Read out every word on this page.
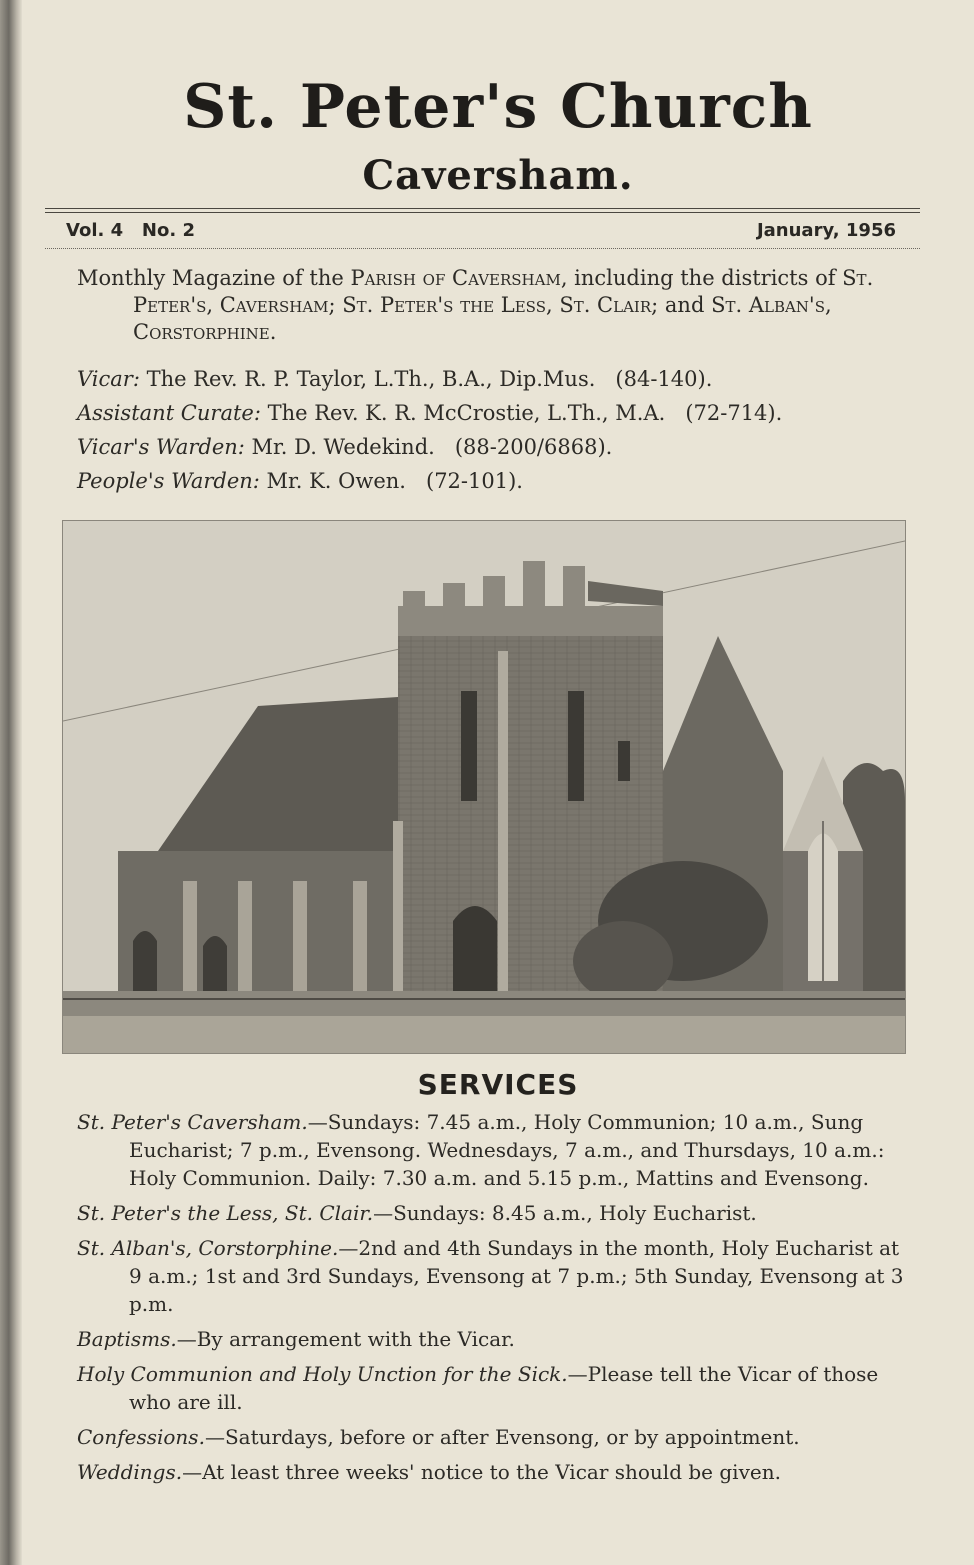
St. Peter's Church
Caversham.
Vol. 4   No. 2	January, 1956

Monthly Magazine of the Parish of Caversham, including the districts of St. Peter's, Caversham; St. Peter's the Less, St. Clair; and St. Alban's, Corstorphine.

Vicar: The Rev. R. P. Taylor, L.Th., B.A., Dip.Mus.   (84-140).
Assistant Curate: The Rev. K. R. McCrostie, L.Th., M.A.   (72-714).
Vicar's Warden: Mr. D. Wedekind.   (88-200/6868).
People's Warden: Mr. K. Owen.   (72-101).
SERVICES

St. Peter's Caversham.—Sundays: 7.45 a.m., Holy Communion; 10 a.m., Sung Eucharist; 7 p.m., Evensong. Wednesdays, 7 a.m., and Thursdays, 10 a.m.: Holy Communion. Daily: 7.30 a.m. and 5.15 p.m., Mattins and Evensong.

St. Peter's the Less, St. Clair.—Sundays: 8.45 a.m., Holy Eucharist.

St. Alban's, Corstorphine.—2nd and 4th Sundays in the month, Holy Eucharist at 9 a.m.; 1st and 3rd Sundays, Evensong at 7 p.m.; 5th Sunday, Evensong at 3 p.m.

Baptisms.—By arrangement with the Vicar.

Holy Communion and Holy Unction for the Sick.—Please tell the Vicar of those who are ill.

Confessions.—Saturdays, before or after Evensong, or by appointment.

Weddings.—At least three weeks' notice to the Vicar should be given.
